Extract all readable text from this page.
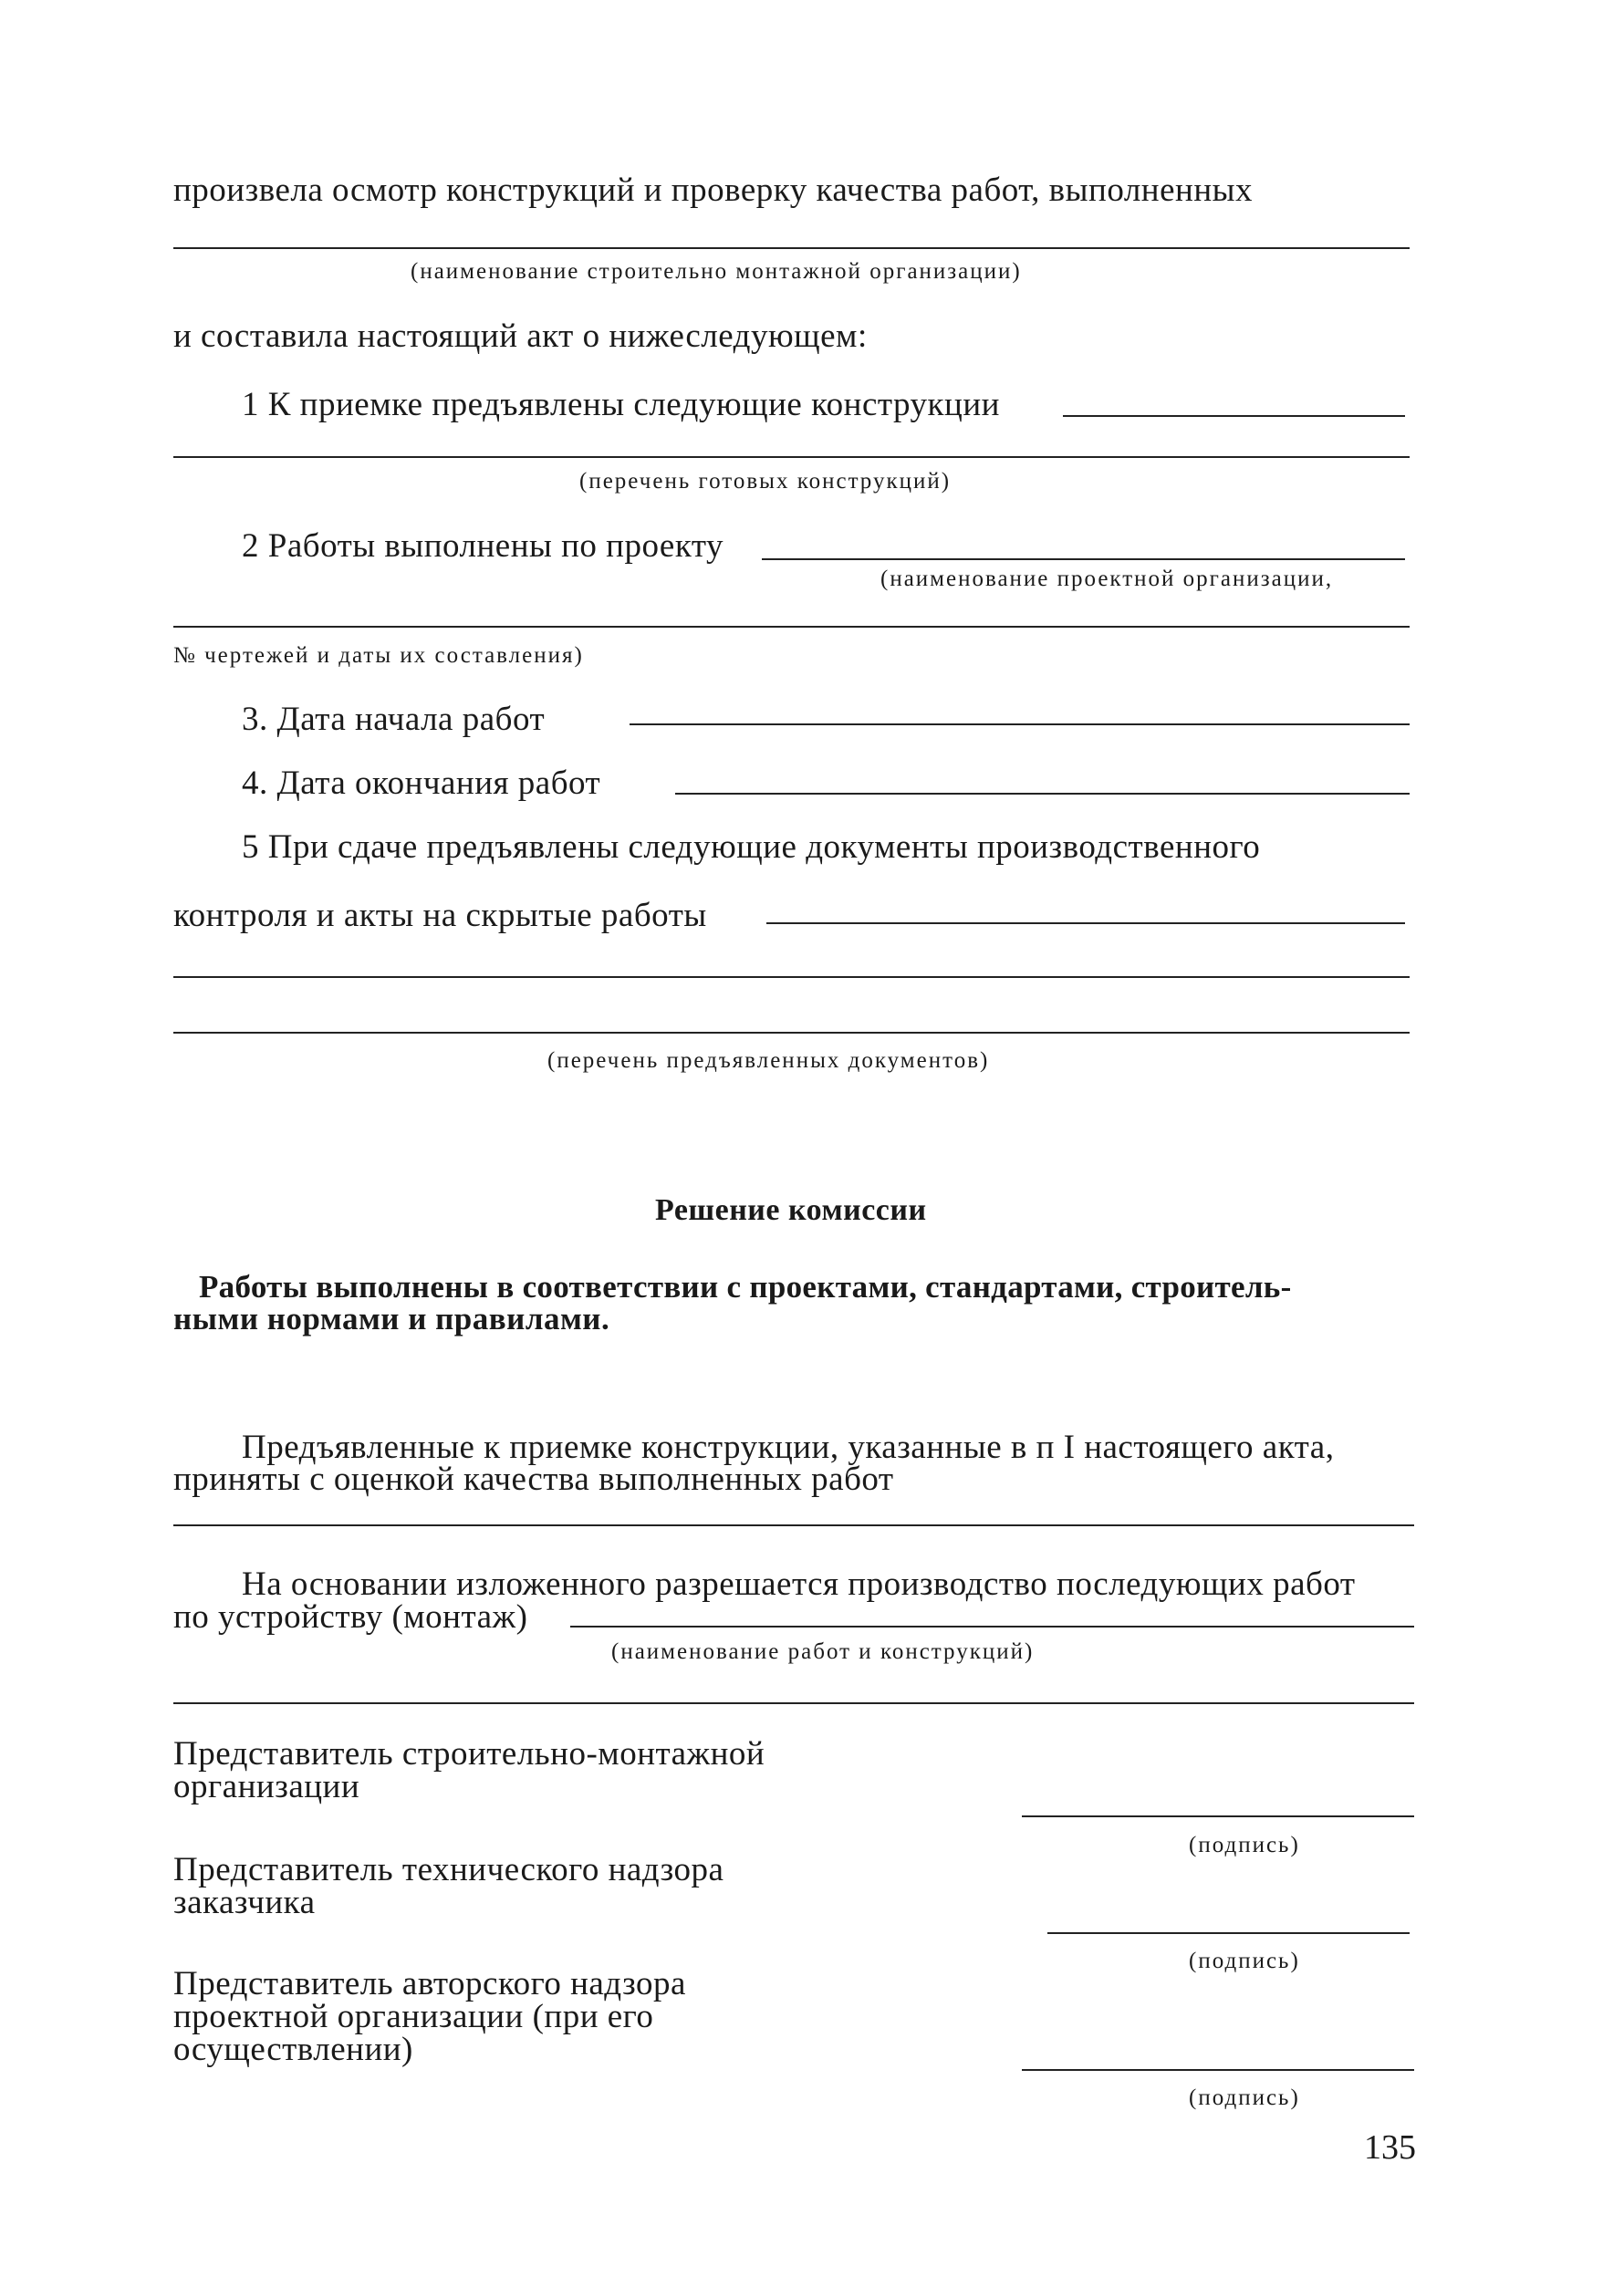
произвела осмотр конструкций и проверку качества работ, выполненных
(наименование строительно монтажной организации)
и составила настоящий акт о нижеследующем:
1 К приемке предъявлены следующие конструкции
(перечень готовых конструкций)
2 Работы выполнены по проекту
(наименование проектной организации,
№ чертежей и даты их составления)
3. Дата начала работ
4. Дата окончания работ
5 При сдаче предъявлены следующие документы производственного
контроля и акты на скрытые работы
(перечень предъявленных документов)
Решение комиссии
Работы выполнены в соответствии с проектами, стандартами, строитель-
ными нормами и правилами.
Предъявленные к приемке конструкции, указанные в п I настоящего акта,
приняты с оценкой качества выполненных работ
На основании изложенного разрешается производство последующих работ
по устройству (монтаж)
(наименование работ и конструкций)
Представитель строительно-монтажной
организации
(подпись)
Представитель технического надзора
заказчика
(подпись)
Представитель авторского надзора
проектной организации (при его
осуществлении)
(подпись)
135
